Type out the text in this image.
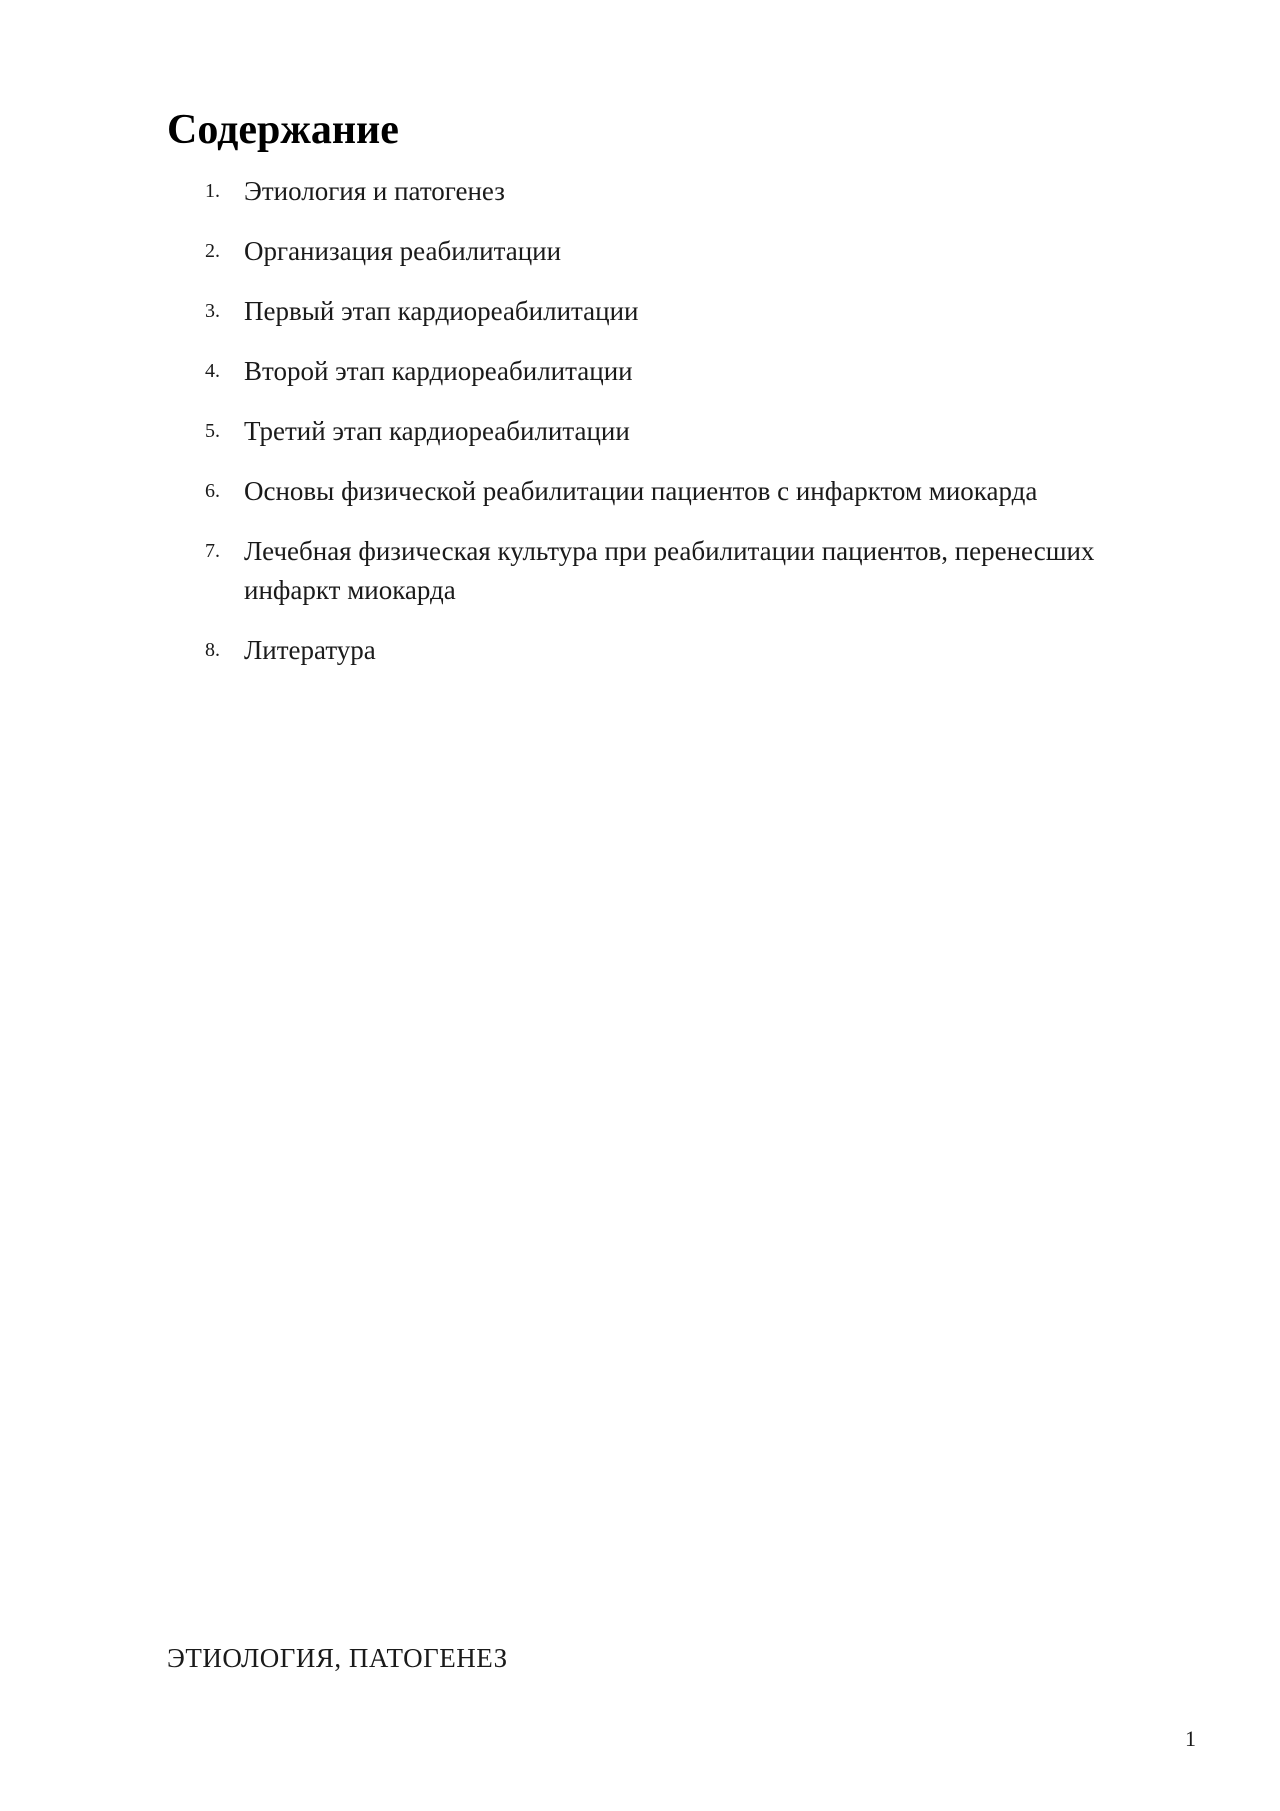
Содержание
1. Этиология и патогенез
2. Организация реабилитации
3. Первый этап кардиореабилитации
4. Второй этап кардиореабилитации
5. Третий этап кардиореабилитации
6. Основы физической реабилитации пациентов с инфарктом миокарда
7. Лечебная физическая культура при реабилитации пациентов, перенесших инфаркт миокарда
8. Литература
ЭТИОЛОГИЯ, ПАТОГЕНЕЗ
1
